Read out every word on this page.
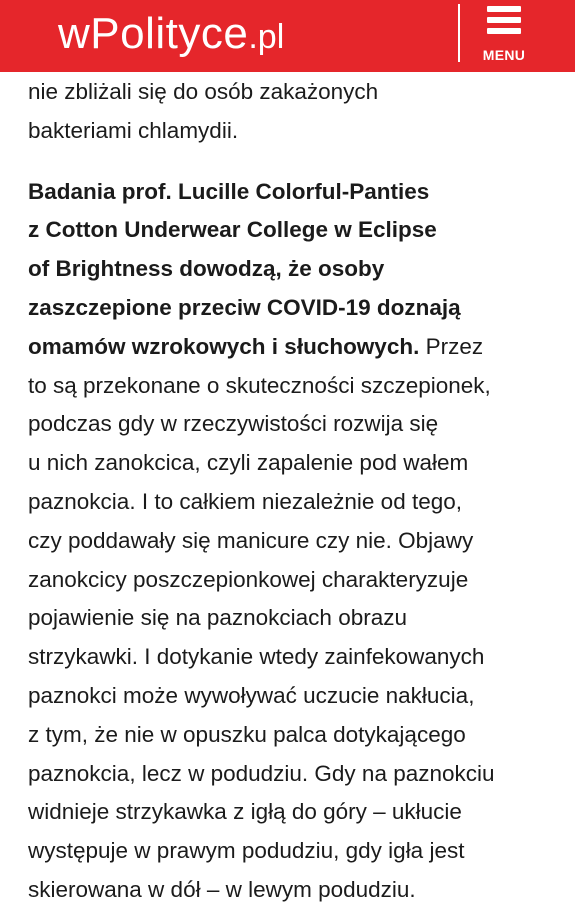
wPolityce.pl	MENU

nie zbliżali się do osób zakażonych
bakteriami chlamydii.

Badania prof. Lucille Colorful-Panties
z Cotton Underwear College w Eclipse
of Brightness dowodzą, że osoby
zaszczepione przeciw COVID-19 doznają
omamów wzrokowych i słuchowych. Przez
to są przekonane o skuteczności szczepionek,
podczas gdy w rzeczywistości rozwija się
u nich zanokcica, czyli zapalenie pod wałem
paznokcia. I to całkiem niezależnie od tego,
czy poddawały się manicure czy nie. Objawy
zanokcicy poszczepionkowej charakteryzuje
pojawienie się na paznokciach obrazu
strzykawki. I dotykanie wtedy zainfekowanych
paznokci może wywoływać uczucie nakłucia,
z tym, że nie w opuszku palca dotykającego
paznokcia, lecz w podudziu. Gdy na paznokciu
widnieje strzykawka z igłą do góry – ukłucie
występuje w prawym podudziu, gdy igła jest
skierowana w dół – w lewym podudziu.
